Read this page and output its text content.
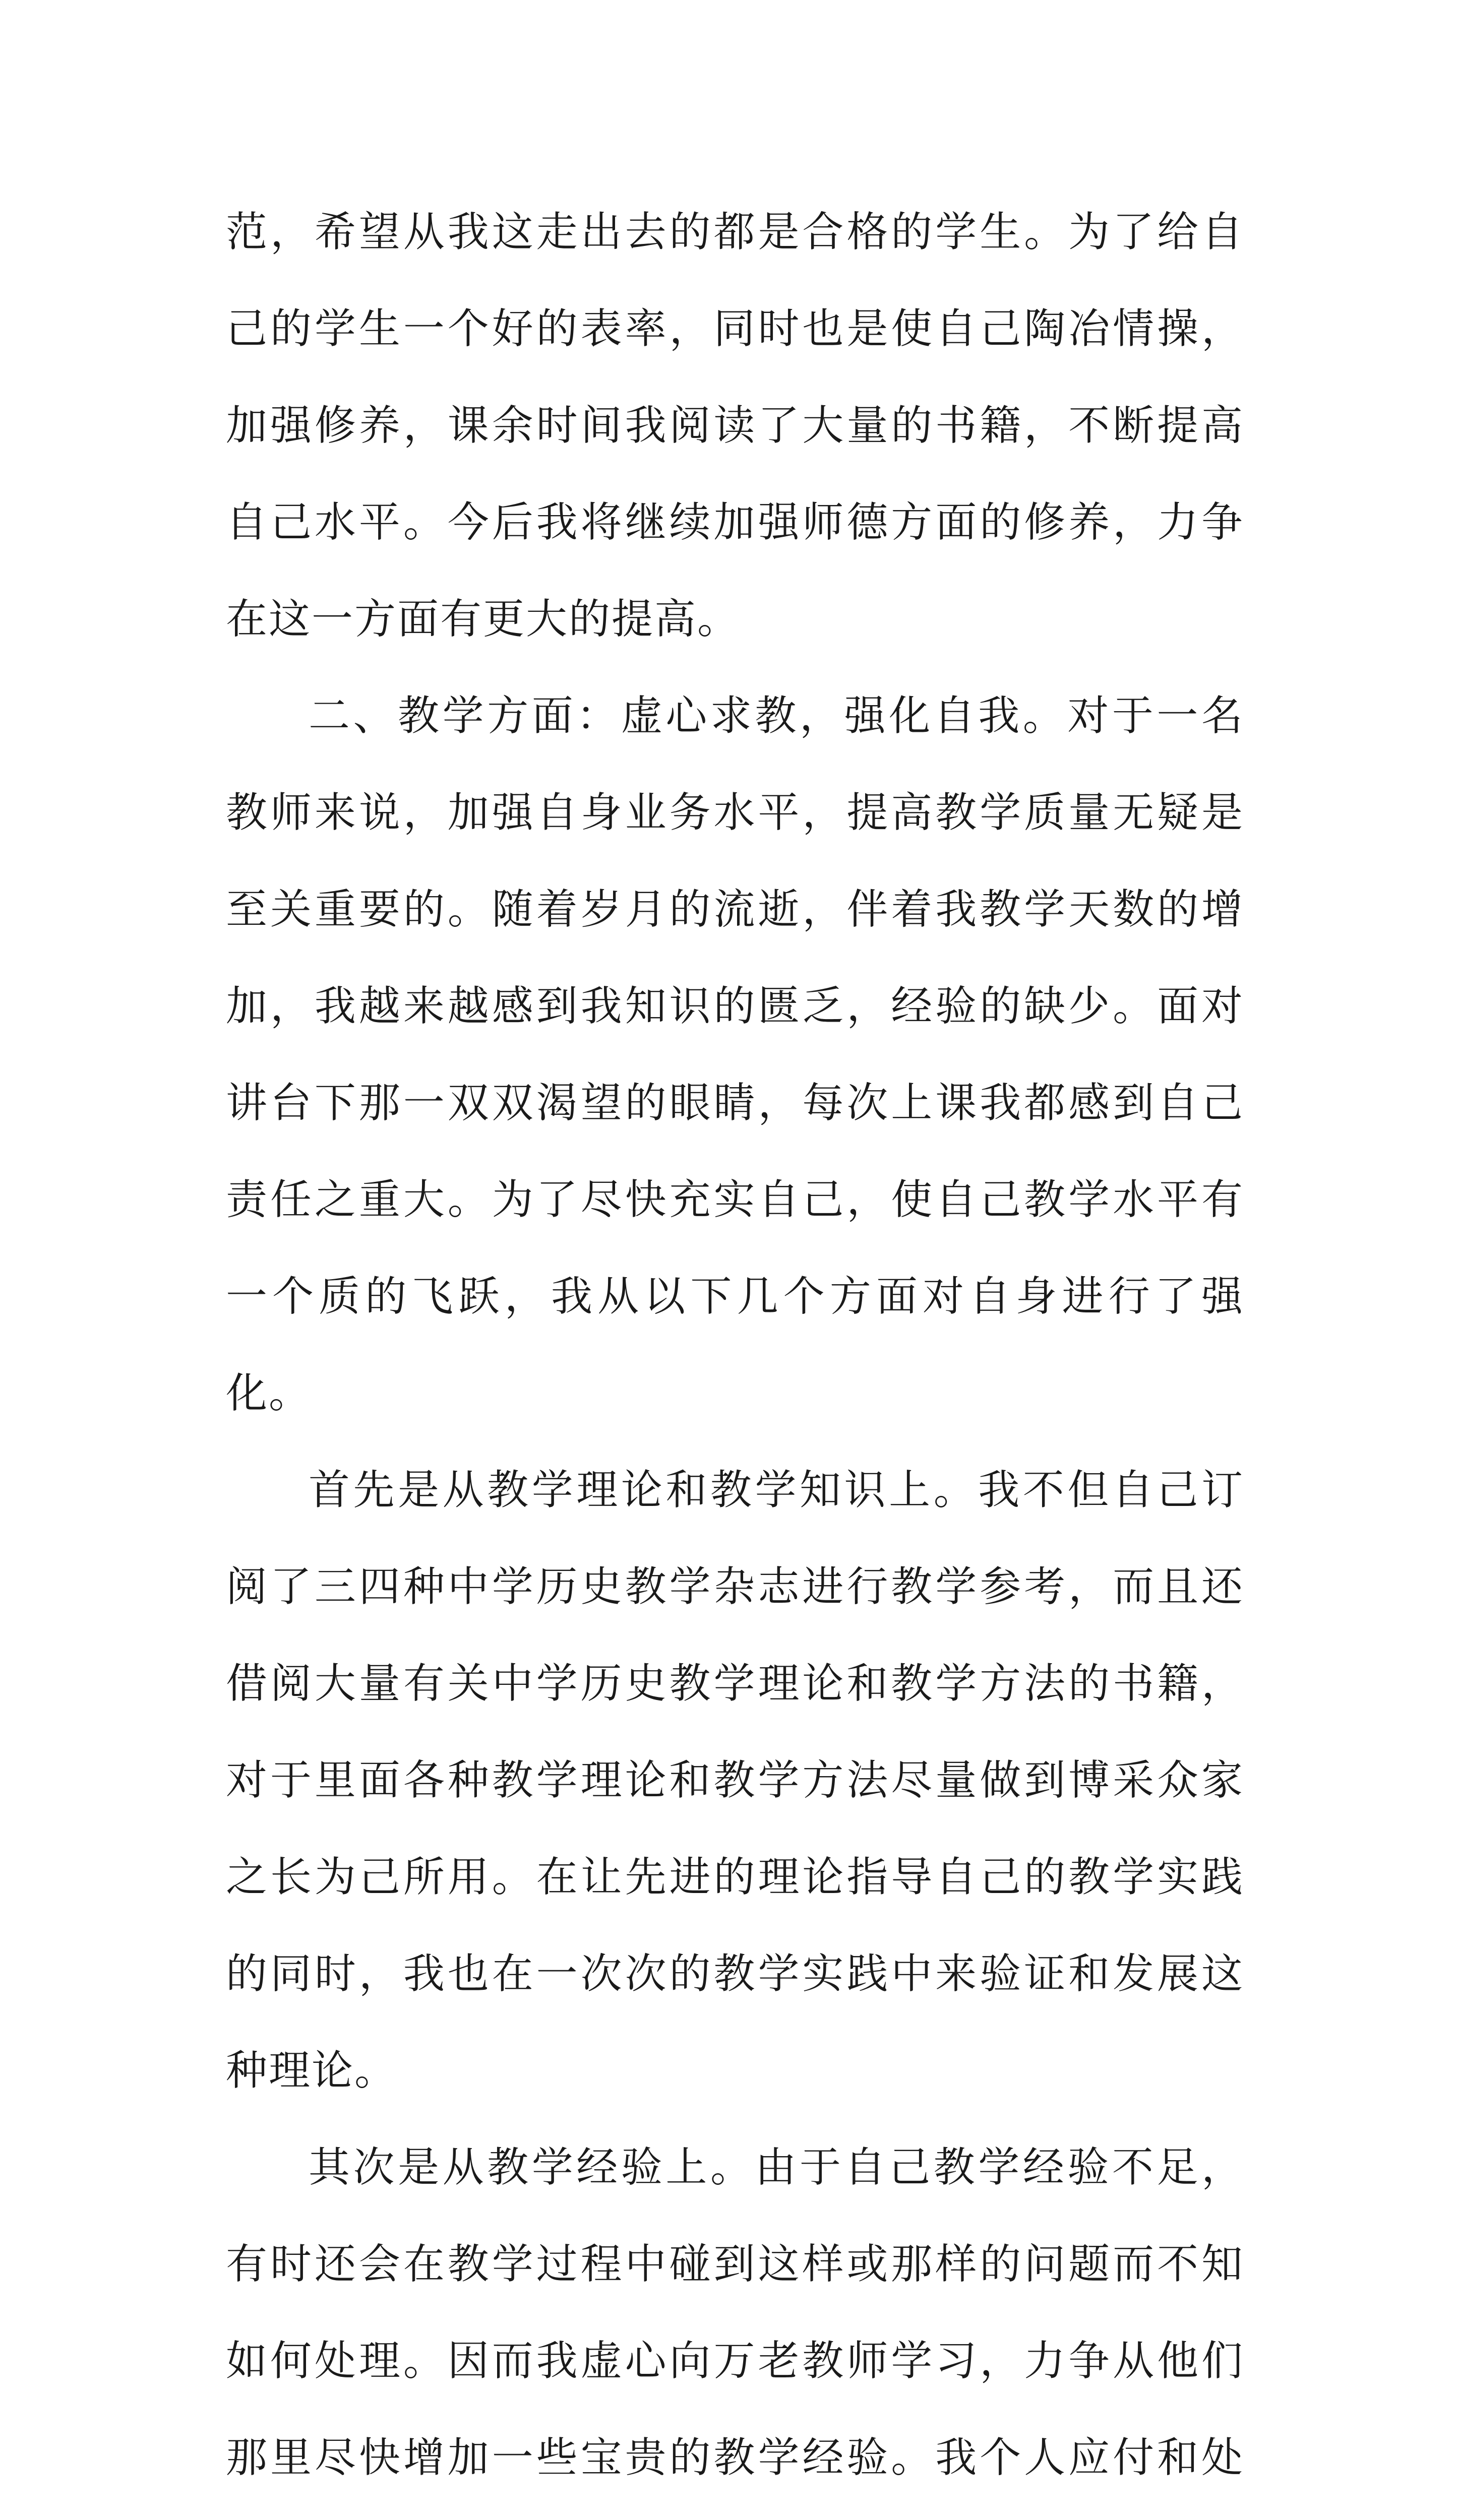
范，希望从我这走出去的都是合格的学生。为了给自己的学生一个好的表率，同时也是使自己陶冶情操，加强修养，课余时间我阅读了大量的书籍，不断提高自己水平。今后我将继续加强师德方面的修养，力争在这一方面有更大的提高。

二、教学方面：虚心求教，强化自我。对于一名教师来说，加强自身业务水平，提高教学质量无疑是至关重要的。随着岁月的流逝，伴着我教学天数的增加，我越来越感到我知识的匮乏，经验的缺少。面对讲台下那一双双渴望的眼睛，每次上课我都感到自己责任之重大。为了尽快充实自己，使自己教学水平有一个质的飞跃，我从以下几个方面对自身进行了强化。

首先是从教学理论和教学知识上。我不但自己订阅了三四种中学历史教学杂志进行教学参考，而且还借阅大量有关中学历史教学理论和教学方法的书籍，对于里面各种教学理论和教学方法尽量做到博采众家之长为己所用。在让先进的理论指导自己的教学实践的同时，我也在一次次的教学实践中来验证和发展这种理论。

其次是从教学经验上。由于自己教学经验不足，有时还会在教学过程中碰到这样或那样的问题而不知如何处理。因而我虚心向万老教师学习，力争从他们那里尽快增加一些宝贵的教学经验。我个人应付和处
